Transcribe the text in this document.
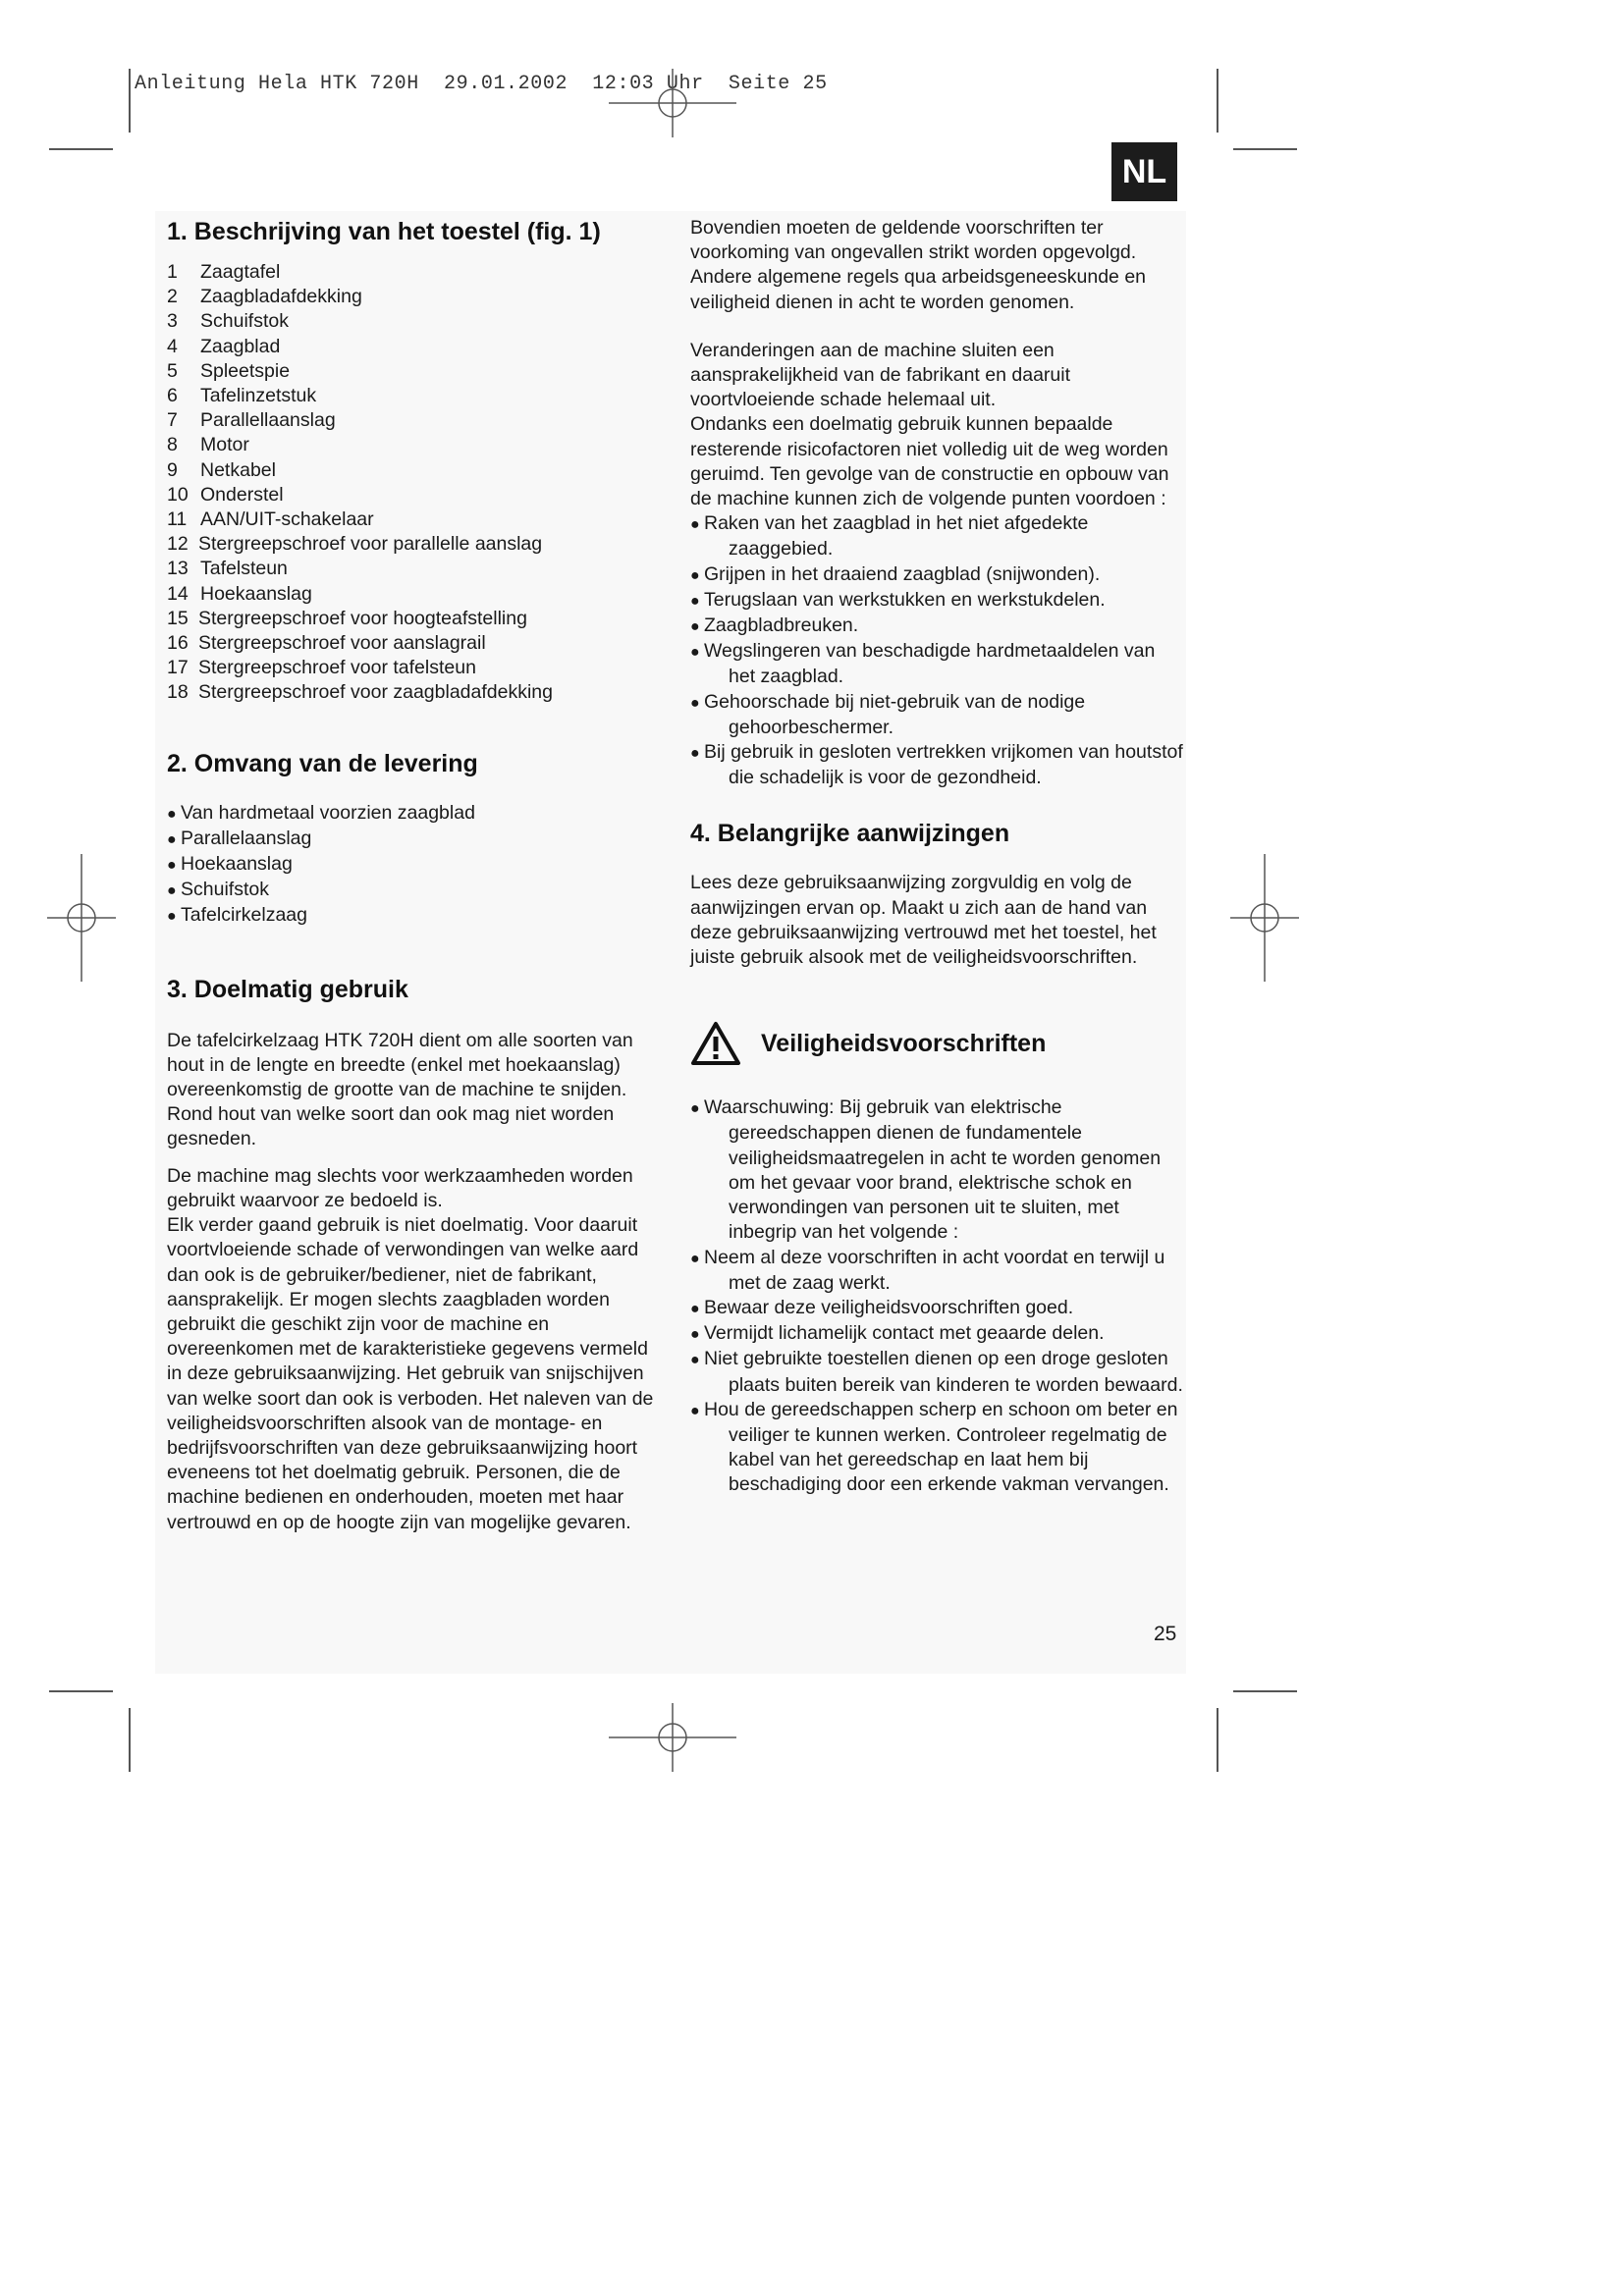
Anleitung Hela HTK 720H  29.01.2002  12:03 Uhr  Seite 25
NL
1. Beschrijving van het toestel (fig. 1)
1	Zaagtafel
2	Zaagbladafdekking
3	Schuifstok
4	Zaagblad
5	Spleetspie
6	Tafelinzetstuk
7	Parallellaanslag
8	Motor
9	Netkabel
10 Onderstel
11 AAN/UIT-schakelaar
12 Stergreepschroef voor parallelle aanslag
13 Tafelsteun
14 Hoekaanslag
15 Stergreepschroef voor hoogteafstelling
16 Stergreepschroef voor aanslagrail
17 Stergreepschroef voor tafelsteun
18 Stergreepschroef voor zaagbladafdekking
2. Omvang van de levering
● Van hardmetaal voorzien zaagblad
● Parallelaanslag
● Hoekaanslag
● Schuifstok
● Tafelcirkelzaag
3. Doelmatig gebruik

De tafelcirkelzaag HTK 720H dient om alle soorten van hout in de lengte en breedte (enkel met hoekaanslag) overeenkomstig de grootte van de machine te snijden. Rond hout van welke soort dan ook mag niet worden gesneden.

De machine mag slechts voor werkzaamheden worden gebruikt waarvoor ze bedoeld is.

Elk verder gaand gebruik is niet doelmatig. Voor daaruit voortvloeiende schade of verwondingen van welke aard dan ook is de gebruiker/bediener, niet de fabrikant, aansprakelijk. Er mogen slechts zaagbladen worden gebruikt die geschikt zijn voor de machine en overeenkomen met de karakteristieke gegevens vermeld in deze gebruiksaanwijzing. Het gebruik van snijschijven van welke soort dan ook is verboden. Het naleven van de veiligheidsvoorschriften alsook van de montage- en bedrijfsvoorschriften van deze gebruiksaanwijzing hoort eveneens tot het doelmatig gebruik. Personen, die de machine bedienen en onderhouden, moeten met haar vertrouwd en op de hoogte zijn van mogelijke gevaren.

Bovendien moeten de geldende voorschriften ter voorkoming van ongevallen strikt worden opgevolgd. Andere algemene regels qua arbeidsgeneeskunde en veiligheid dienen in acht te worden genomen.

Veranderingen aan de machine sluiten een aansprakelijkheid van de fabrikant en daaruit voortvloeiende schade helemaal uit.

Ondanks een doelmatig gebruik kunnen bepaalde resterende risicofactoren niet volledig uit de weg worden geruimd. Ten gevolge van de constructie en opbouw van de machine kunnen zich de volgende punten voordoen :

● Raken van het zaagblad in het niet afgedekte zaaggebied.
● Grijpen in het draaiend zaagblad (snijwonden).
● Terugslaan van werkstukken en werkstukdelen.
● Zaagbladbreuken.
● Wegslingeren van beschadigde hardmetaaldelen van het zaagblad.
● Gehoorschade bij niet-gebruik van de nodige gehoorbeschermer.
● Bij gebruik in gesloten vertrekken vrijkomen van houtstof die schadelijk is voor de gezondheid.
4. Belangrijke aanwijzingen

Lees deze gebruiksaanwijzing zorgvuldig en volg de aanwijzingen ervan op. Maakt u zich aan de hand van deze gebruiksaanwijzing vertrouwd met het toestel, het juiste gebruik alsook met de veiligheidsvoorschriften.

Veiligheidsvoorschriften
● Waarschuwing: Bij gebruik van elektrische gereedschappen dienen de fundamentele veiligheidsmaatregelen in acht te worden genomen om het gevaar voor brand, elektrische schok en verwondingen van personen uit te sluiten, met inbegrip van het volgende :
● Neem al deze voorschriften in acht voordat en terwijl u met de zaag werkt.
● Bewaar deze veiligheidsvoorschriften goed.
● Vermijdt lichamelijk contact met geaarde delen.
● Niet gebruikte toestellen dienen op een droge gesloten plaats buiten bereik van kinderen te worden bewaard.
● Hou de gereedschappen scherp en schoon om beter en veiliger te kunnen werken. Controleer regelmatig de kabel van het gereedschap en laat hem bij beschadiging door een erkende vakman vervangen.
25
